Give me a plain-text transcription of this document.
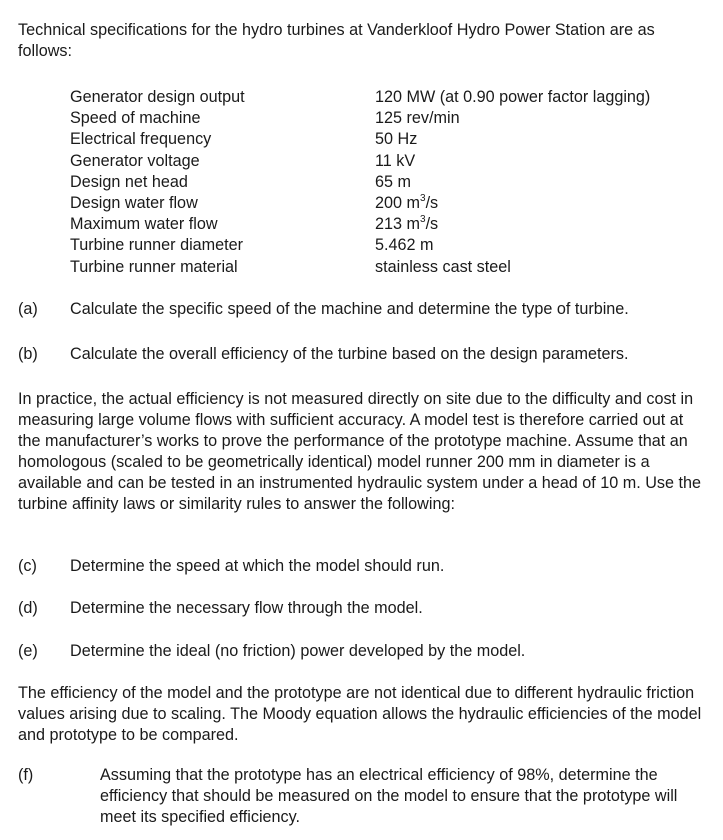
Technical specifications for the hydro turbines at Vanderkloof Hydro Power Station are as follows:

Generator design output	120 MW (at 0.90 power factor lagging)
Speed of machine	125 rev/min
Electrical frequency	50 Hz
Generator voltage	11 kV
Design net head	65 m
Design water flow	200 $m^3/s$
Maximum water flow	213 $m^3/s$
Turbine runner diameter	5.462 m
Turbine runner material	stainless cast steel
(a)	Calculate the specific speed of the machine and determine the type of turbine.
(b)	Calculate the overall efficiency of the turbine based on the design parameters.

In practice, the actual efficiency is not measured directly on site due to the difficulty and cost in measuring large volume flows with sufficient accuracy. A model test is therefore carried out at the manufacturer’s works to prove the performance of the prototype machine. Assume that an homologous (scaled to be geometrically identical) model runner 200 mm in diameter is a available and can be tested in an instrumented hydraulic system under a head of 10 m. Use the turbine affinity laws or similarity rules to answer the following:

(c)	Determine the speed at which the model should run.
(d)	Determine the necessary flow through the model.
(e)	Determine the ideal (no friction) power developed by the model.

The efficiency of the model and the prototype are not identical due to different hydraulic friction values arising due to scaling. The Moody equation allows the hydraulic efficiencies of the model and prototype to be compared.

(f)	Assuming that the prototype has an electrical efficiency of 98%, determine the efficiency that should be measured on the model to ensure that the prototype will meet its specified efficiency.
